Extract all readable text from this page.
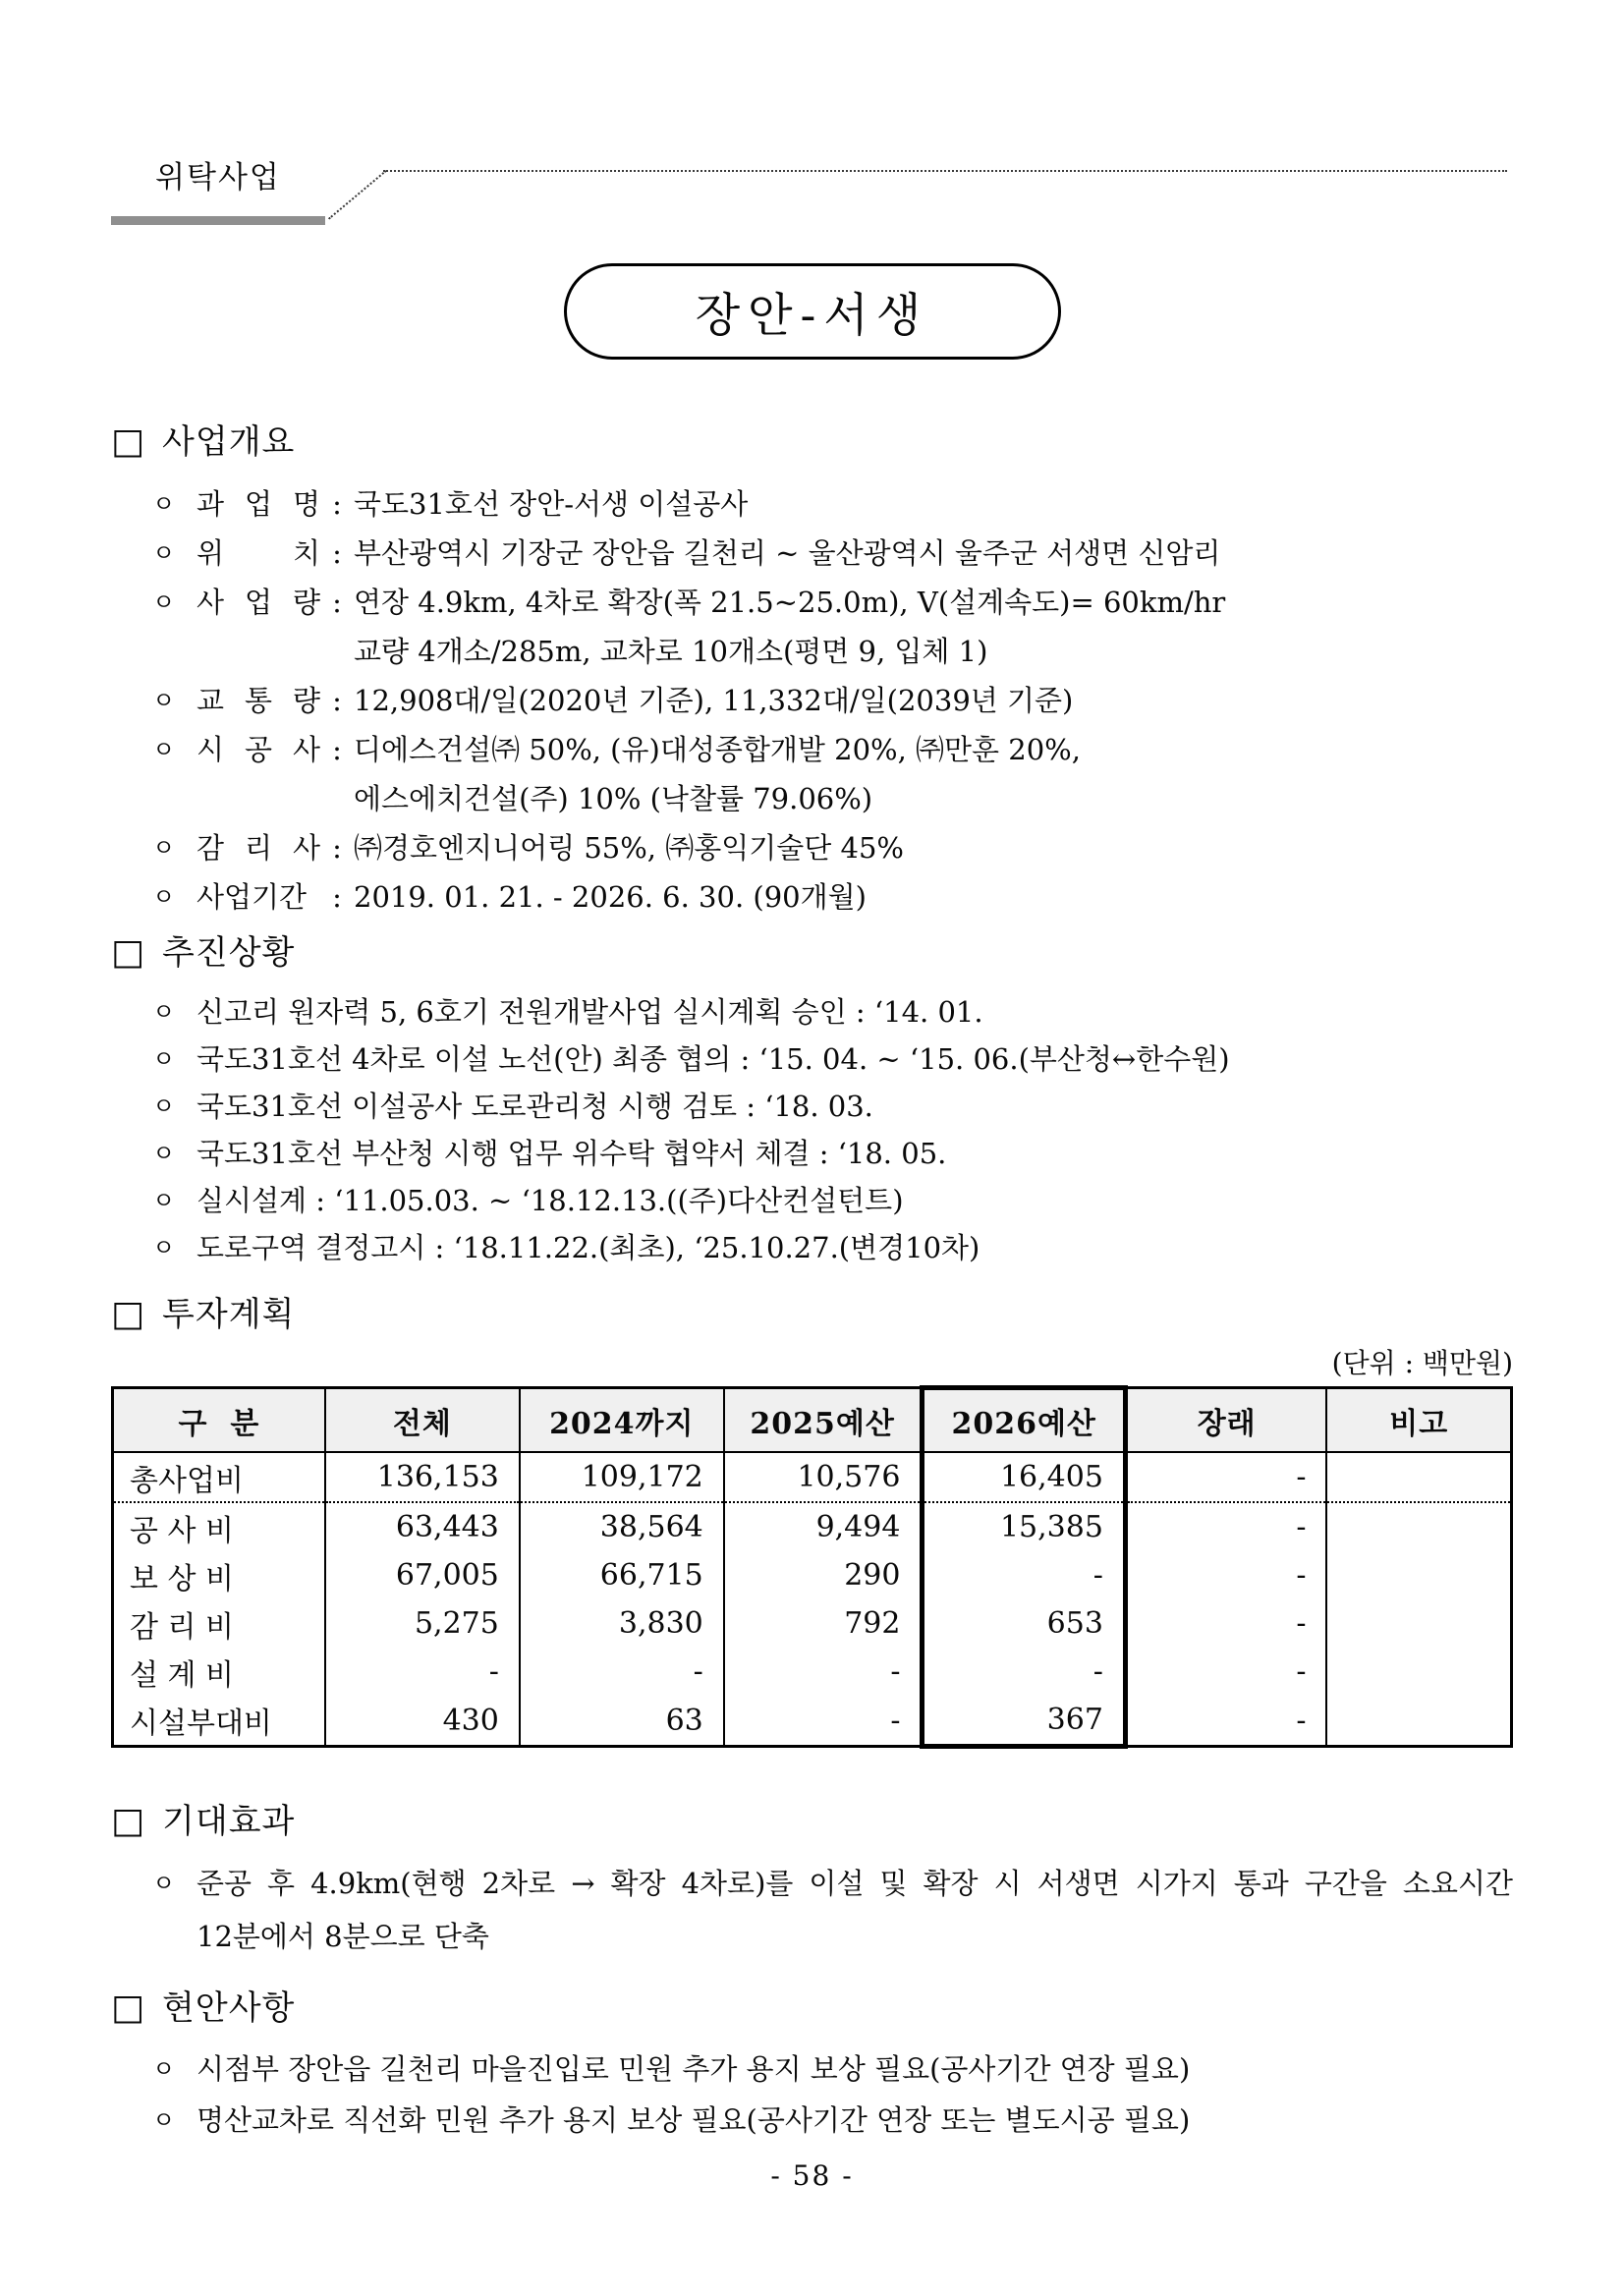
위탁사업
장안-서생
□ 사업개요
ㅇ 과 업 명 : 국도31호선 장안-서생 이설공사
ㅇ 위 치 : 부산광역시 기장군 장안읍 길천리 ~ 울산광역시 울주군 서생면 신암리
ㅇ 사 업 량 : 연장 4.9km, 4차로 확장(폭 21.5~25.0m), V(설계속도)= 60km/hr
교량 4개소/285m, 교차로 10개소(평면 9, 입체 1)
ㅇ 교 통 량 : 12,908대/일(2020년 기준), 11,332대/일(2039년 기준)
ㅇ 시 공 사 : 디에스건설㈜ 50%, (유)대성종합개발 20%, ㈜만훈 20%,
에스에치건설(주) 10% (낙찰률 79.06%)
ㅇ 감 리 사 : ㈜경호엔지니어링 55%, ㈜홍익기술단 45%
ㅇ 사업기간 : 2019. 01. 21. - 2026. 6. 30. (90개월)
□ 추진상황
ㅇ 신고리 원자력 5, 6호기 전원개발사업 실시계획 승인 : ‘14. 01.
ㅇ 국도31호선 4차로 이설 노선(안) 최종 협의 : ‘15. 04. ~ ‘15. 06.(부산청↔한수원)
ㅇ 국도31호선 이설공사 도로관리청 시행 검토 : ‘18. 03.
ㅇ 국도31호선 부산청 시행 업무 위수탁 협약서 체결 : ‘18. 05.
ㅇ 실시설계 : ‘11.05.03. ~ ‘18.12.13.((주)다산컨설턴트)
ㅇ 도로구역 결정고시 : ‘18.11.22.(최초), ‘25.10.27.(변경10차)
□ 투자계획
(단위 : 백만원)
구  분	전체	2024까지	2025예산	2026예산	장래	비고
총사업비	136,153	109,172	10,576	16,405	-	
공 사 비	63,443	38,564	9,494	15,385	-	
보 상 비	67,005	66,715	290	-	-	
감 리 비	5,275	3,830	792	653	-	
설 계 비	-	-	-	-	-	
시설부대비	430	63	-	367	-	
□ 기대효과
ㅇ 준공 후 4.9km(현행 2차로 → 확장 4차로)를 이설 및 확장 시 서생면 시가지 통과 구간을 소요시간 12분에서 8분으로 단축
□ 현안사항
ㅇ 시점부 장안읍 길천리 마을진입로 민원 추가 용지 보상 필요(공사기간 연장 필요)
ㅇ 명산교차로 직선화 민원 추가 용지 보상 필요(공사기간 연장 또는 별도시공 필요)
- 58 -
